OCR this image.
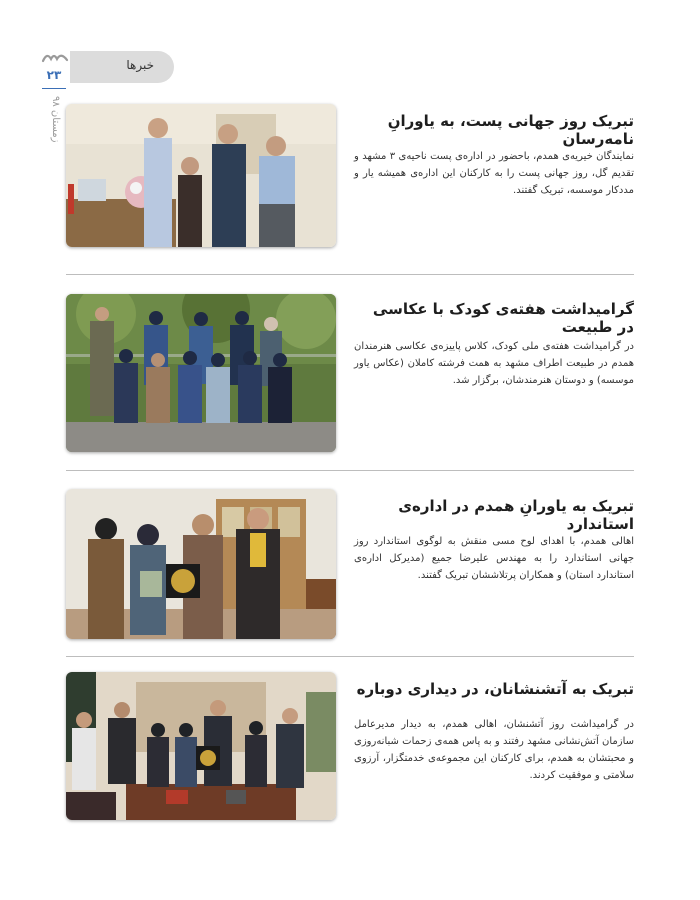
خبرها
۲۳
زمستان ۹۸	تبریک روز جهانی پست، به یاورانِ نامه‌رسان

نمایندگان خیریه‌ی همدم، باحضور در اداره‌ی پست ناحیه‌ی ۳ مشهد و تقدیم گل، روز جهانی پست را به کارکنان این اداره‌ی همیشه یار و مددکار موسسه، تبریک گفتند.

گرامیداشت هفته‌ی کودک با عکاسی در طبیعت

در گرامیداشت هفته‌ی ملی کودک، کلاس پاییزه‌ی عکاسی هنرمندان همدم در طبیعت اطراف مشهد به همت فرشته کاملان (عکاس یاور موسسه) و دوستان هنرمندشان، برگزار شد.

تبریک به یاورانِ همدم در اداره‌ی استاندارد

اهالی همدم، با اهدای لوح مسی منقش به لوگوی استاندارد روز جهانی استاندارد را به مهندس علیرضا جمیع (مدیرکل اداره‌ی استاندارد استان) و همکاران پرتلاششان تبریک گفتند.

تبریک به آتشنشانان، در دیداری دوباره

در گرامیداشت روز آتشنشان، اهالی همدم، به دیدار مدیرعامل سازمان آتش‌نشانی مشهد رفتند و به پاس همه‌ی زحمات شبانه‌روزی و محبتشان به همدم، برای کارکنان این مجموعه‌ی خدمتگزار، آرزوی سلامتی و موفقیت کردند.
